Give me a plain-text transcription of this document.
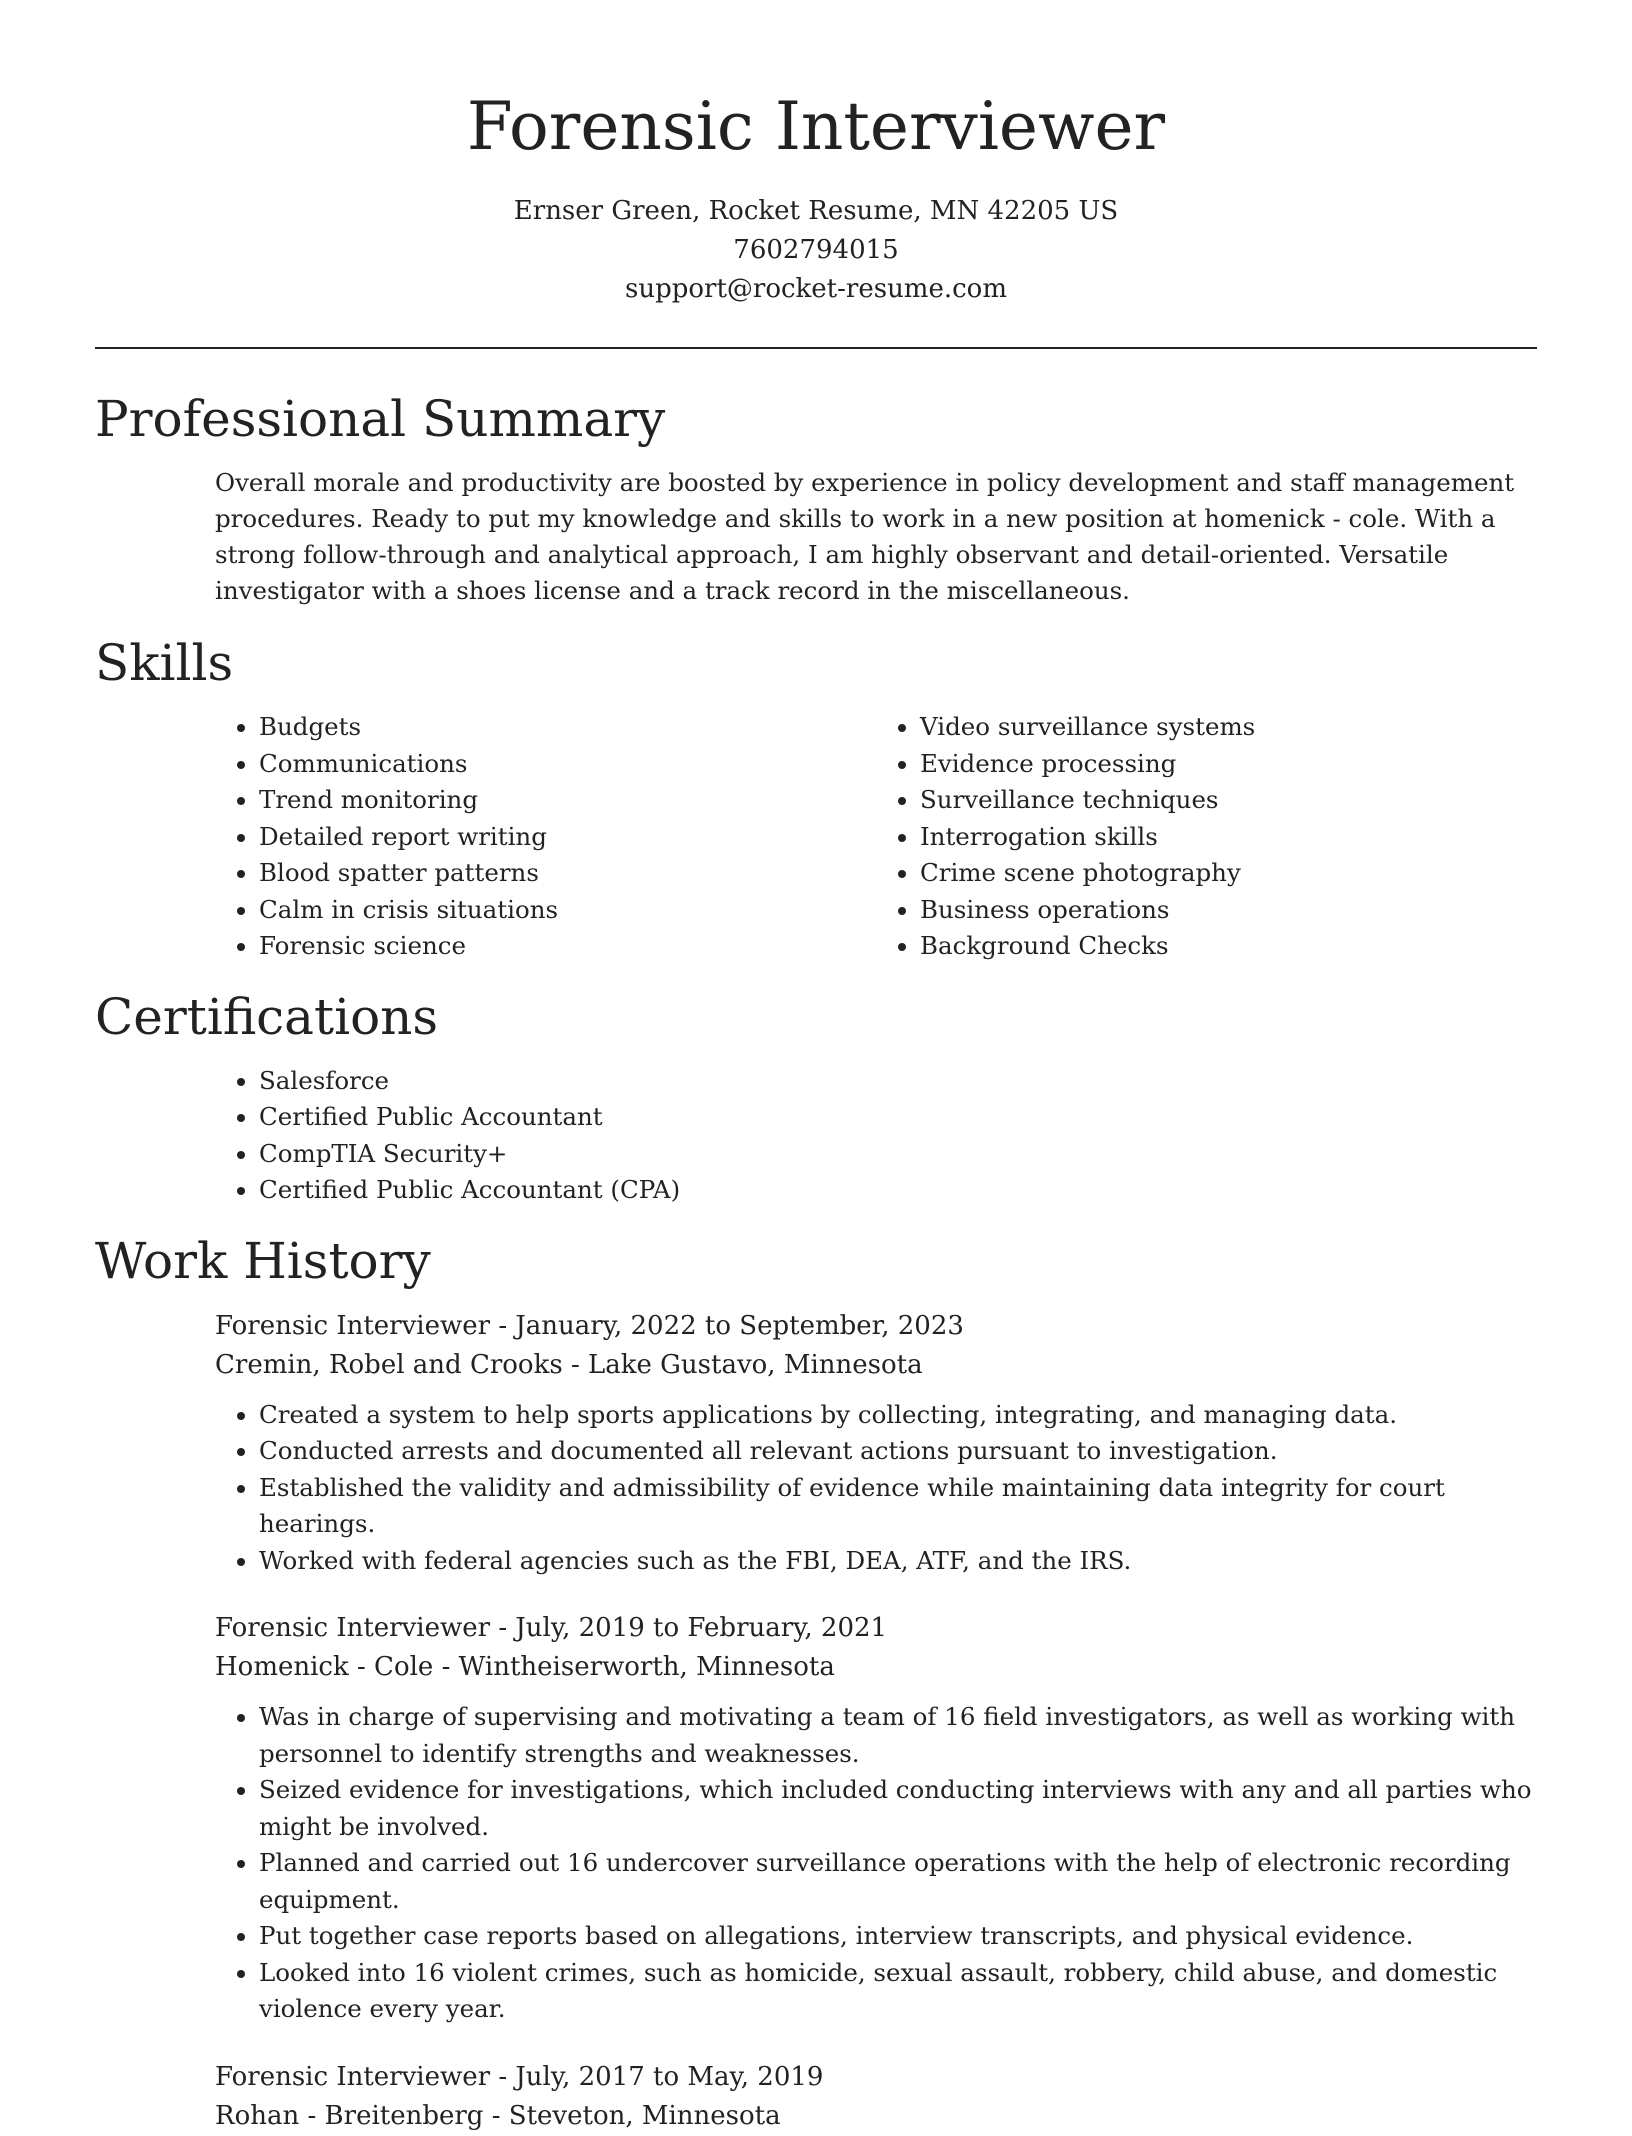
Forensic Interviewer
Ernser Green, Rocket Resume, MN 42205 US
7602794015
support@rocket-resume.com
Professional Summary

Overall morale and productivity are boosted by experience in policy development and staff management procedures. Ready to put my knowledge and skills to work in a new position at homenick - cole. With a strong follow-through and analytical approach, I am highly observant and detail-oriented. Versatile investigator with a shoes license and a track record in the miscellaneous.

Skills
• Budgets
• Communications
• Trend monitoring
• Detailed report writing
• Blood spatter patterns
• Calm in crisis situations
• Forensic science
• Video surveillance systems
• Evidence processing
• Surveillance techniques
• Interrogation skills
• Crime scene photography
• Business operations
• Background Checks
Certifications
• Salesforce
• Certified Public Accountant
• CompTIA Security+
• Certified Public Accountant (CPA)
Work History
Forensic Interviewer - January, 2022 to September, 2023
Cremin, Robel and Crooks - Lake Gustavo, Minnesota
• Created a system to help sports applications by collecting, integrating, and managing data.
• Conducted arrests and documented all relevant actions pursuant to investigation.
• Established the validity and admissibility of evidence while maintaining data integrity for court hearings.
• Worked with federal agencies such as the FBI, DEA, ATF, and the IRS.
Forensic Interviewer - July, 2019 to February, 2021
Homenick - Cole - Wintheiserworth, Minnesota
• Was in charge of supervising and motivating a team of 16 field investigators, as well as working with personnel to identify strengths and weaknesses.
• Seized evidence for investigations, which included conducting interviews with any and all parties who might be involved.
• Planned and carried out 16 undercover surveillance operations with the help of electronic recording equipment.
• Put together case reports based on allegations, interview transcripts, and physical evidence.
• Looked into 16 violent crimes, such as homicide, sexual assault, robbery, child abuse, and domestic violence every year.
Forensic Interviewer - July, 2017 to May, 2019
Rohan - Breitenberg - Steveton, Minnesota
